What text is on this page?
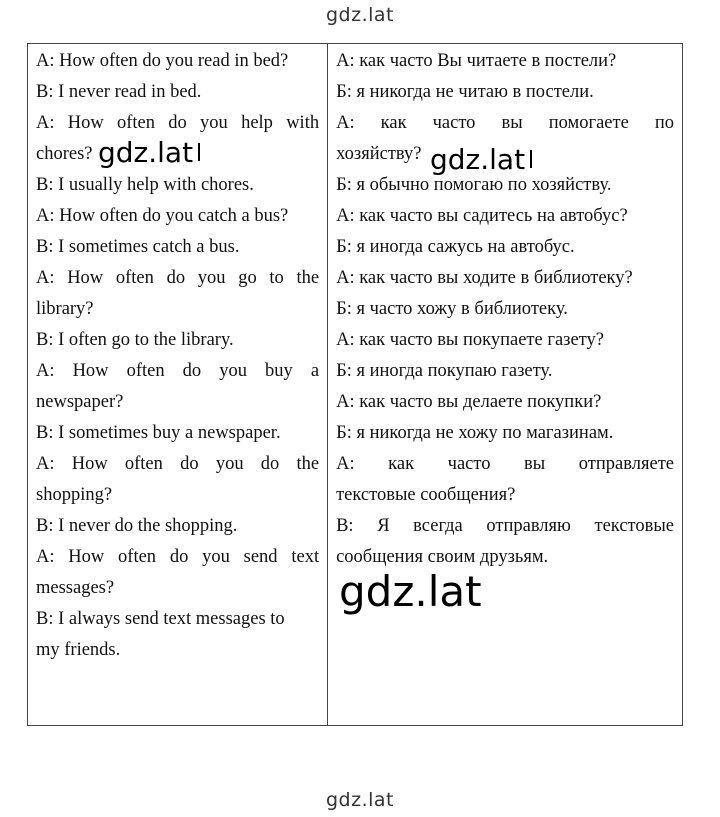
gdz.lat
A: How often do you read in bed?
B: I never read in bed.
A: How often do you help with
chores?
B: I usually help with chores.
A: How often do you catch a bus?
B: I sometimes catch a bus.
A: How often do you go to the
library?
B: I often go to the library.
A: How often do you buy a
newspaper?
B: I sometimes buy a newspaper.
A: How often do you do the
shopping?
B: I never do the shopping.
A: How often do you send text
messages?
B: I always send text messages to
my friends.
А: как часто Вы читаете в постели?
Б: я никогда не читаю в постели.
А: как часто вы помогаете по
хозяйству?
Б: я обычно помогаю по хозяйству.
А: как часто вы садитесь на автобус?
Б: я иногда сажусь на автобус.
А: как часто вы ходите в библиотеку?
Б: я часто хожу в библиотеку.
А: как часто вы покупаете газету?
Б: я иногда покупаю газету.
А: как часто вы делаете покупки?
Б: я никогда не хожу по магазинам.
А: как часто вы отправляете
текстовые сообщения?
В: Я всегда отправляю текстовые
сообщения своим друзьям.
gdz.lat	gdz.lat
gdz.lat
gdz.lat
